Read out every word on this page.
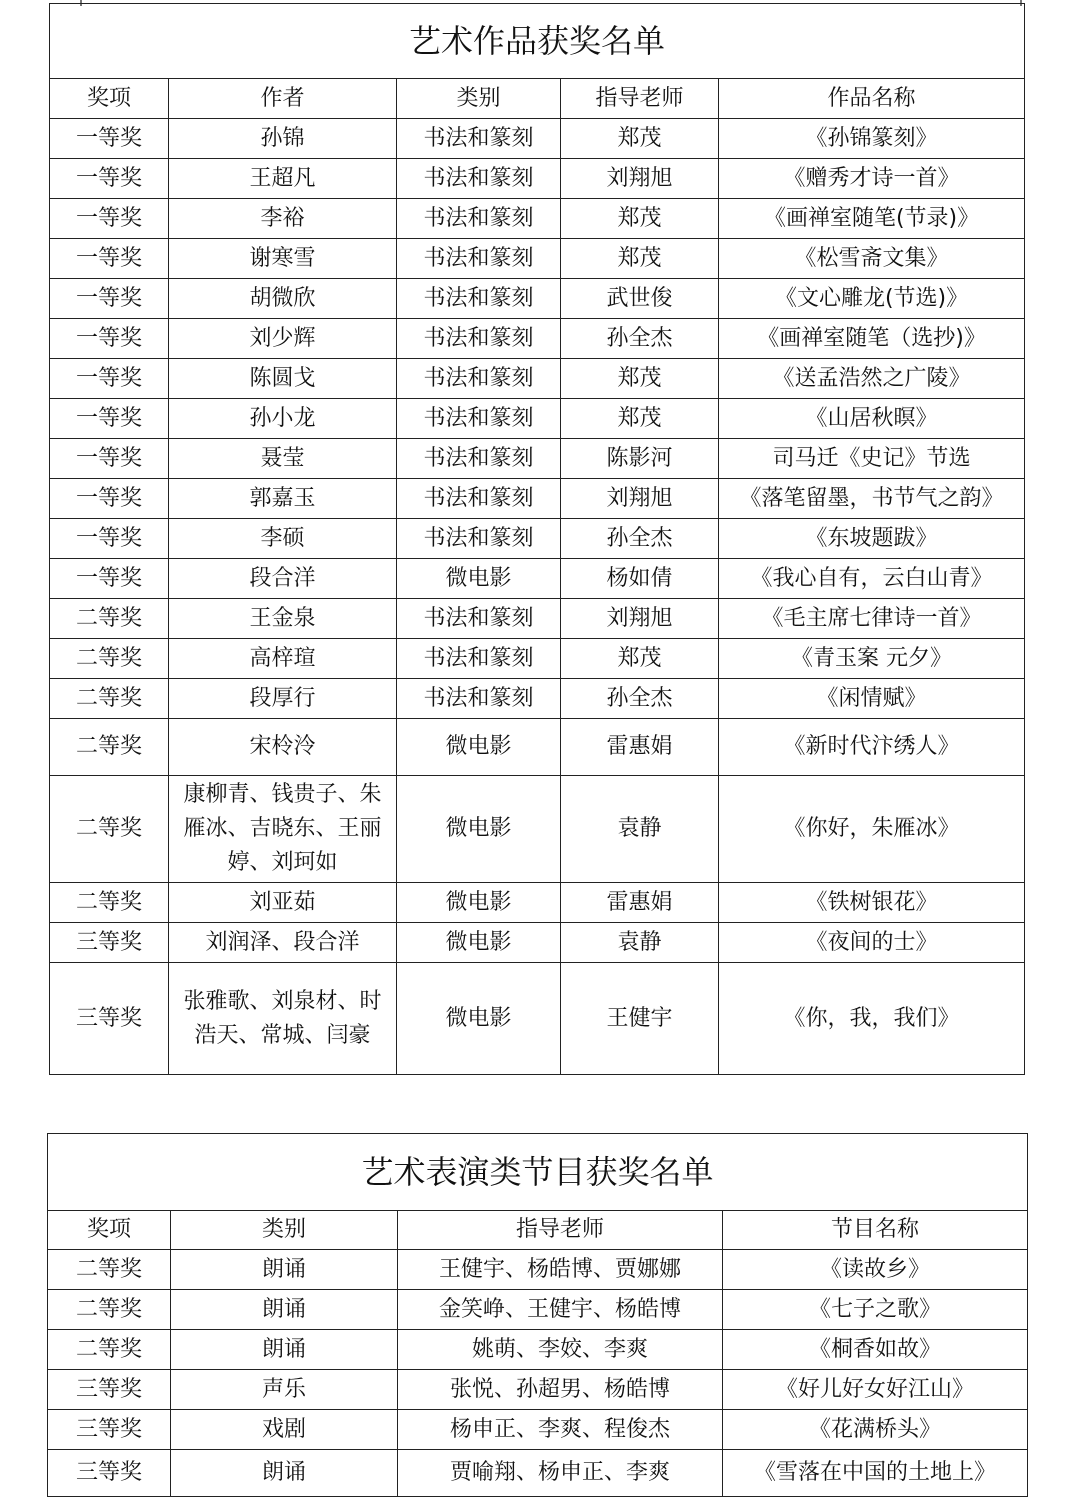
艺术作品获奖名单				
奖项	作者	类别	指导老师	作品名称
一等奖	孙锦	书法和篆刻	郑茂	《孙锦篆刻》
一等奖	王超凡	书法和篆刻	刘翔旭	《赠秀才诗一首》
一等奖	李裕	书法和篆刻	郑茂	《画禅室随笔(节录)》
一等奖	谢寒雪	书法和篆刻	郑茂	《松雪斋文集》
一等奖	胡微欣	书法和篆刻	武世俊	《文心雕龙(节选)》
一等奖	刘少辉	书法和篆刻	孙全杰	《画禅室随笔（选抄)》
一等奖	陈圆戈	书法和篆刻	郑茂	《送孟浩然之广陵》
一等奖	孙小龙	书法和篆刻	郑茂	《山居秋暝》
一等奖	聂莹	书法和篆刻	陈影河	司马迁《史记》节选
一等奖	郭嘉玉	书法和篆刻	刘翔旭	《落笔留墨，书节气之韵》
一等奖	李硕	书法和篆刻	孙全杰	《东坡题跋》
一等奖	段合洋	微电影	杨如倩	《我心自有，云白山青》
二等奖	王金泉	书法和篆刻	刘翔旭	《毛主席七律诗一首》
二等奖	高梓瑄	书法和篆刻	郑茂	《青玉案 元夕》
二等奖	段厚行	书法和篆刻	孙全杰	《闲情赋》
二等奖	宋柃泠	微电影	雷惠娟	《新时代汴绣人》
二等奖	康柳青、钱贵子、朱雁冰、吉晓东、王丽婷、刘珂如	微电影	袁静	《你好，朱雁冰》
二等奖	刘亚茹	微电影	雷惠娟	《铁树银花》
三等奖	刘润泽、段合洋	微电影	袁静	《夜间的士》
三等奖	张雅歌、刘泉材、时浩天、常城、闫豪	微电影	王健宇	《你，我，我们》
艺术表演类节目获奖名单			
奖项	类别	指导老师	节目名称
二等奖	朗诵	王健宇、杨皓博、贾娜娜	《读故乡》
二等奖	朗诵	金笑峥、王健宇、杨皓博	《七子之歌》
二等奖	朗诵	姚萌、李姣、李爽	《桐香如故》
三等奖	声乐	张悦、孙超男、杨皓博	《好儿好女好江山》
三等奖	戏剧	杨申正、李爽、程俊杰	《花满桥头》
三等奖	朗诵	贾喻翔、杨申正、李爽	《雪落在中国的土地上》
